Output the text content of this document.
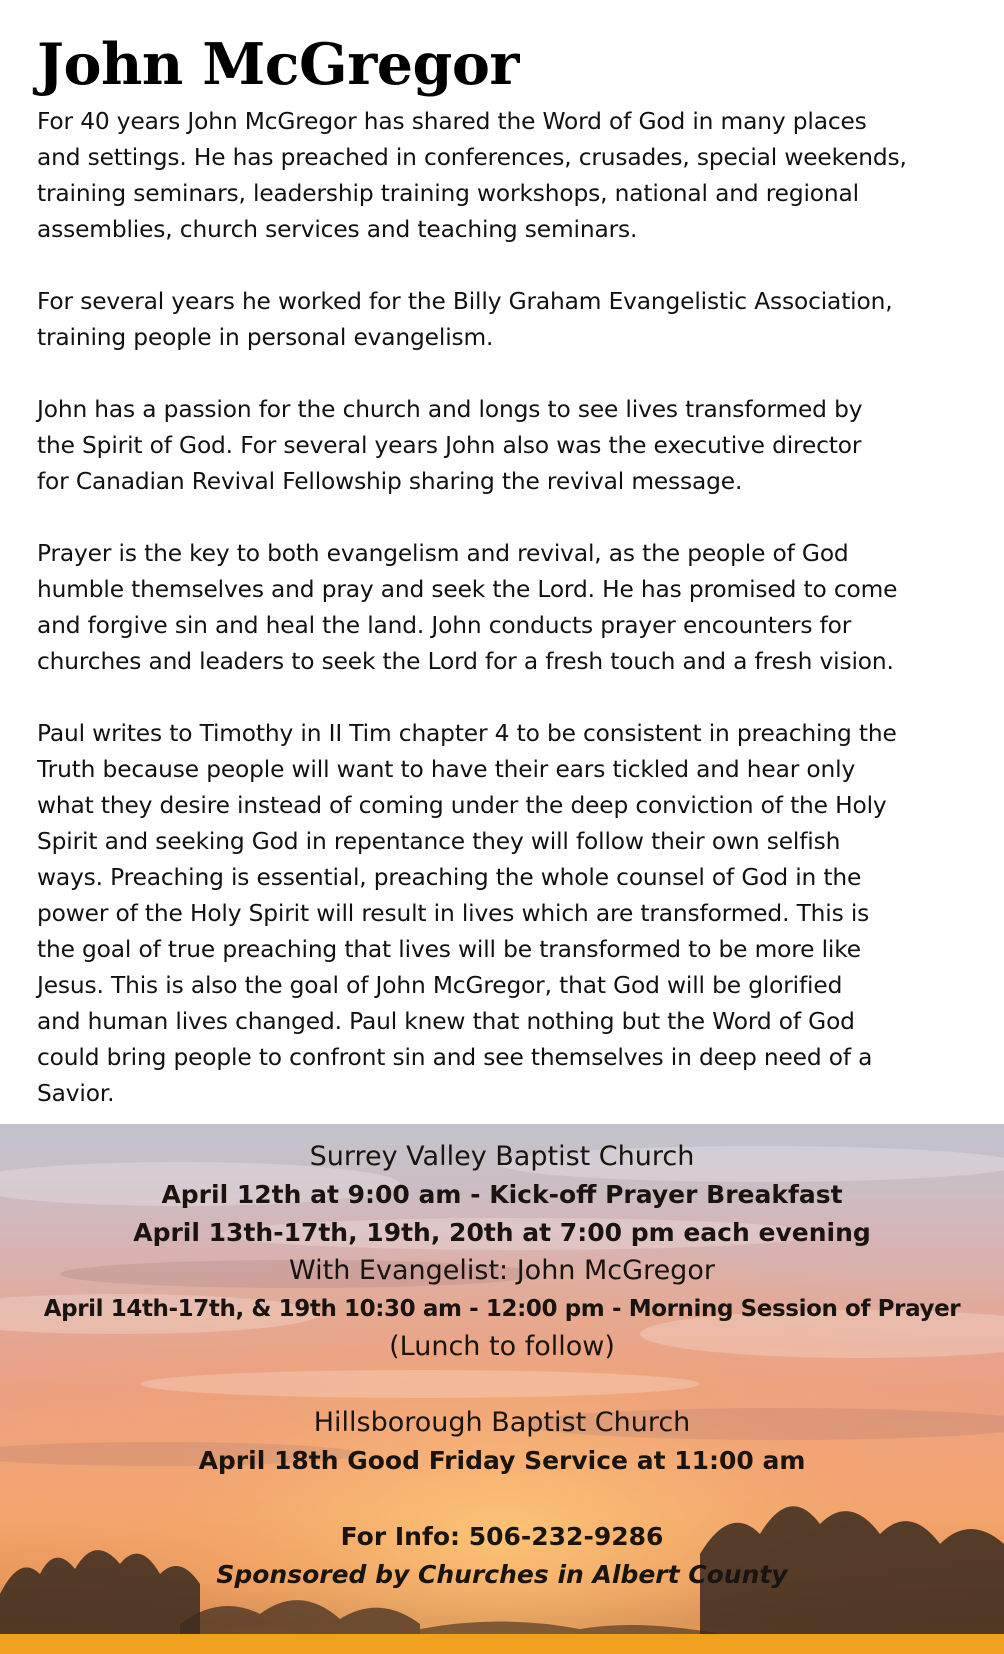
John McGregor

For 40 years John McGregor has shared the Word of God in many places
and settings. He has preached in conferences, crusades, special weekends,
training seminars, leadership training workshops, national and regional
assemblies, church services and teaching seminars.

For several years he worked for the Billy Graham Evangelistic Association,
training people in personal evangelism.

John has a passion for the church and longs to see lives transformed by
the Spirit of God. For several years John also was the executive director
for Canadian Revival Fellowship sharing the revival message.

Prayer is the key to both evangelism and revival, as the people of God
humble themselves and pray and seek the Lord. He has promised to come
and forgive sin and heal the land. John conducts prayer encounters for
churches and leaders to seek the Lord for a fresh touch and a fresh vision.

Paul writes to Timothy in II Tim chapter 4 to be consistent in preaching the
Truth because people will want to have their ears tickled and hear only
what they desire instead of coming under the deep conviction of the Holy
Spirit and seeking God in repentance they will follow their own selfish
ways. Preaching is essential, preaching the whole counsel of God in the
power of the Holy Spirit will result in lives which are transformed. This is
the goal of true preaching that lives will be transformed to be more like
Jesus. This is also the goal of John McGregor, that God will be glorified
and human lives changed. Paul knew that nothing but the Word of God
could bring people to confront sin and see themselves in deep need of a
Savior.

Surrey Valley Baptist Church
April 12th at 9:00 am - Kick-off Prayer Breakfast
April 13th-17th, 19th, 20th at 7:00 pm each evening
With Evangelist: John McGregor
April 14th-17th, & 19th 10:30 am - 12:00 pm - Morning Session of Prayer
(Lunch to follow)
Hillsborough Baptist Church
April 18th Good Friday Service at 11:00 am
For Info: 506-232-9286
Sponsored by Churches in Albert County
